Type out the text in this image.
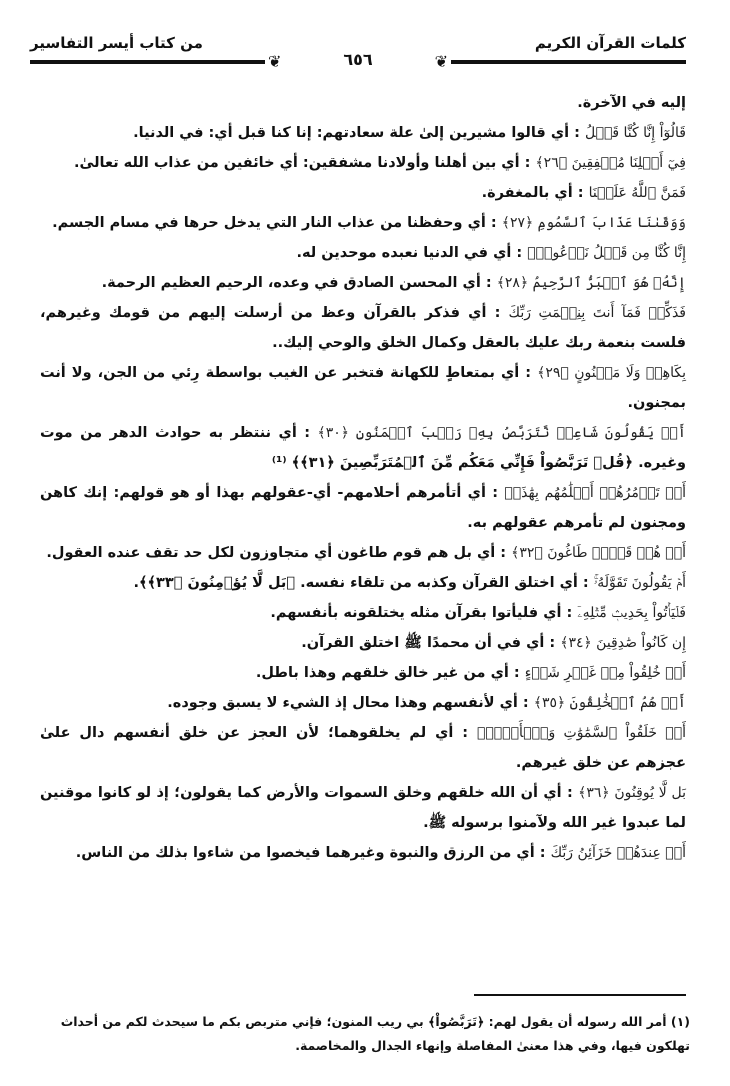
كلمات القرآن الكريم
من كتاب أيسر التفاسير
❦
❦	٦٥٦

إليه في الآخرة.

قَالُوٓاْ إِنَّا كُنَّا قَبۡلُ : أي قالوا مشيرين إلىٰ علة سعادتهم: إنا كنا قبل أي: في الدنيا.

فِيٓ أَهۡلِنَا مُشۡفِقِينَ ﴿٢٦﴾ : أي بين أهلنا وأولادنا مشفقين: أي خائفين من عذاب الله تعالىٰ.

فَمَنَّ ٱللَّهُ عَلَيۡنَا : أي بالمغفرة.

وَوَقَىٰنَا عَذَابَ ٱلسَّمُومِ ﴿٢٧﴾ : أي وحفظنا من عذاب النار التي يدخل حرها في مسام الجسم.

إِنَّا كُنَّا مِن قَبۡلُ نَدۡعُوهُۖ : أي في الدنيا نعبده موحدين له.

إِنَّهُۥ هُوَ ٱلۡبَرُّ ٱلرَّحِيمُ ﴿٢٨﴾ : أي المحسن الصادق في وعده، الرحيم العظيم الرحمة.

فَذَكِّرۡ فَمَآ أَنتَ بِنِعۡمَتِ رَبِّكَ : أي فذكر بالقرآن وعظ من أرسلت إليهم من قومك وغيرهم، فلست بنعمة ربك عليك بالعقل وكمال الخلق والوحي إليك..

بِكَاهِنٖ وَلَا مَجۡنُونٍ ﴿٢٩﴾ : أي بمتعاطٍ للكهانة فتخبر عن الغيب بواسطة رِئي من الجن، ولا أنت بمجنون.

أَمۡ يَقُولُونَ شَاعِرٞ نَّتَرَبَّصُ بِهِۦ رَيۡبَ ٱلۡمَنُونِ ﴿٣٠﴾ : أي ننتظر به حوادث الدهر من موت وغيره. ﴿قُلۡ تَرَبَّصُواْ فَإِنِّي مَعَكُم مِّنَ ٱلۡمُتَرَبِّصِينَ ﴿٣١﴾﴾ ⁽¹⁾

أَمۡ تَأۡمُرُهُمۡ أَحۡلَٰمُهُم بِهَٰذَآۚ : أي أتأمرهم أحلامهم- أي-عقولهم بهذا أو هو قولهم: إنك كاهن ومجنون لم تأمرهم عقولهم به.

أَمۡ هُمۡ قَوۡمٞ طَاغُونَ ﴿٣٢﴾ : أي بل هم قوم طاغون أي متجاوزون لكل حد تقف عنده العقول.

أَمۡ يَقُولُونَ تَقَوَّلَهُۥۚ : أي اختلق القرآن وكذبه من تلقاء نفسه. ﴿بَل لَّا يُؤۡمِنُونَ ﴿٣٣﴾﴾.

فَلۡيَأۡتُواْ بِحَدِيثٖ مِّثۡلِهِۦٓ : أي فليأتوا بقرآن مثله يختلقونه بأنفسهم.

إِن كَانُواْ صَٰدِقِينَ ﴿٣٤﴾ : أي في أن محمدًا ﷺ اختلق القرآن.

أَمۡ خُلِقُواْ مِنۡ غَيۡرِ شَيۡءٍ : أي من غير خالق خلقهم وهذا باطل.

أَمۡ هُمُ ٱلۡخَٰلِقُونَ ﴿٣٥﴾ : أي لأنفسهم وهذا محال إذ الشيء لا يسبق وجوده.

أَمۡ خَلَقُواْ ٱلسَّمَٰوَٰتِ وَٱلۡأَرۡضَۚ : أي لم يخلقوهما؛ لأن العجز عن خلق أنفسهم دال علىٰ عجزهم عن خلق غيرهم.

بَل لَّا يُوقِنُونَ ﴿٣٦﴾ : أي أن الله خلقهم وخلق السموات والأرض كما يقولون؛ إذ لو كانوا موقنين لما عبدوا غير الله ولآمنوا برسوله ﷺ.

أَمۡ عِندَهُمۡ خَزَآئِنُ رَبِّكَ : أي من الرزق والنبوة وغيرهما فيخصوا من شاءوا بذلك من الناس.

(١) أمر الله رسوله أن يقول لهم: ﴿تَرَبَّصُواْ﴾ بي ريب المنون؛ فإني متربص بكم ما سيحدث لكم من أحداث تهلكون فيها، وفي هذا معنىٰ المفاصلة وإنهاء الجدال والمخاصمة.
